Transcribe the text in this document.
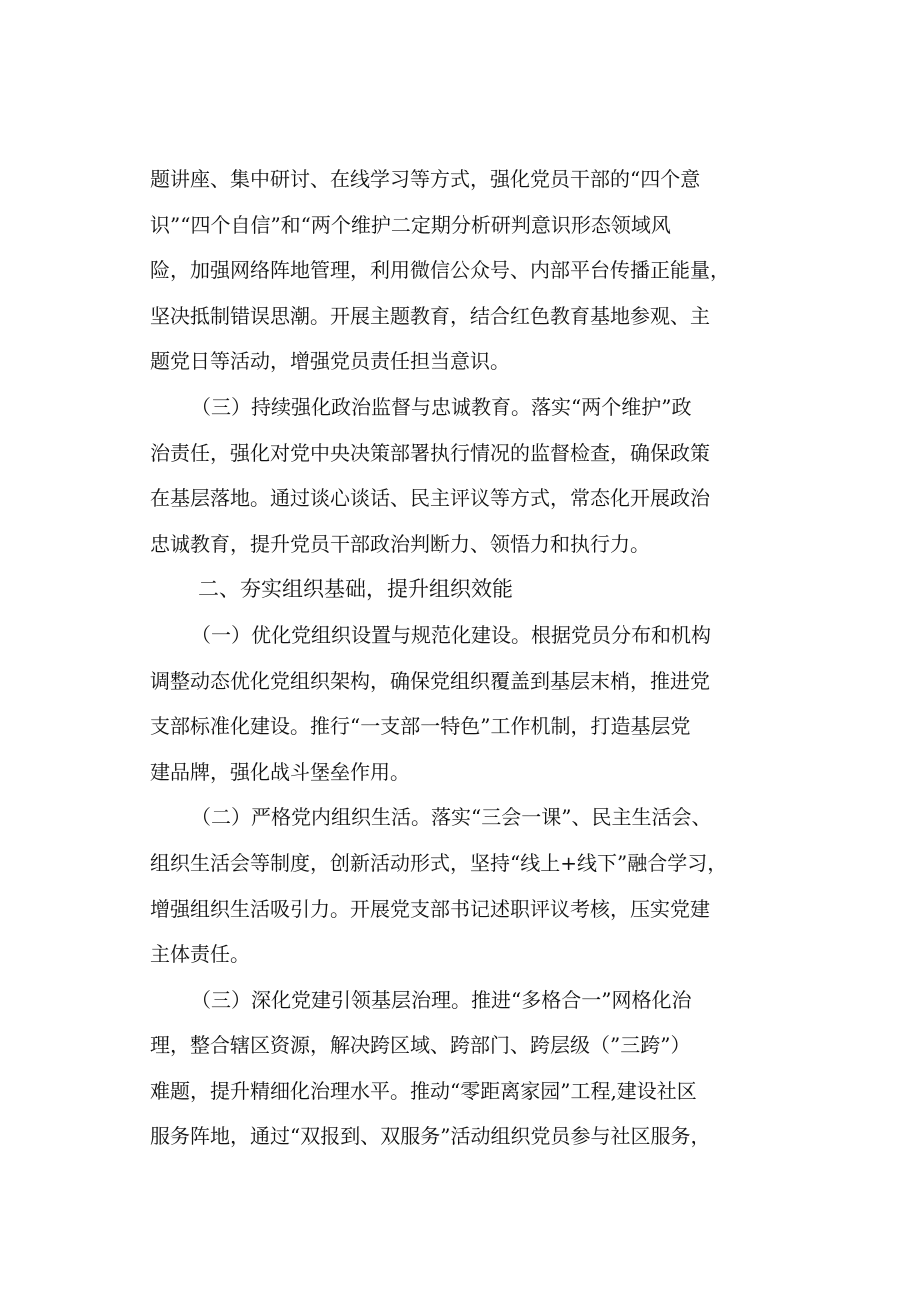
题讲座、集中研讨、在线学习等方式，强化党员干部的“四个意
识”“四个自信”和“两个维护二定期分析研判意识形态领域风
险，加强网络阵地管理，利用微信公众号、内部平台传播正能量，
坚决抵制错误思潮。开展主题教育，结合红色教育基地参观、主
题党日等活动，增强党员责任担当意识。

（三）持续强化政治监督与忠诚教育。落实“两个维护”政
治责任，强化对党中央决策部署执行情况的监督检查，确保政策
在基层落地。通过谈心谈话、民主评议等方式，常态化开展政治
忠诚教育，提升党员干部政治判断力、领悟力和执行力。

二、夯实组织基础，提升组织效能

（一）优化党组织设置与规范化建设。根据党员分布和机构
调整动态优化党组织架构，确保党组织覆盖到基层末梢，推进党
支部标准化建设。推行“一支部一特色”工作机制，打造基层党
建品牌，强化战斗堡垒作用。

（二）严格党内组织生活。落实“三会一课”、民主生活会、
组织生活会等制度，创新活动形式，坚持“线上+线下”融合学习，
增强组织生活吸引力。开展党支部书记述职评议考核，压实党建
主体责任。

（三）深化党建引领基层治理。推进“多格合一”网格化治
理，整合辖区资源，解决跨区域、跨部门、跨层级（”三跨”）
难题，提升精细化治理水平。推动“零距离家园”工程,建设社区
服务阵地，通过“双报到、双服务”活动组织党员参与社区服务，
